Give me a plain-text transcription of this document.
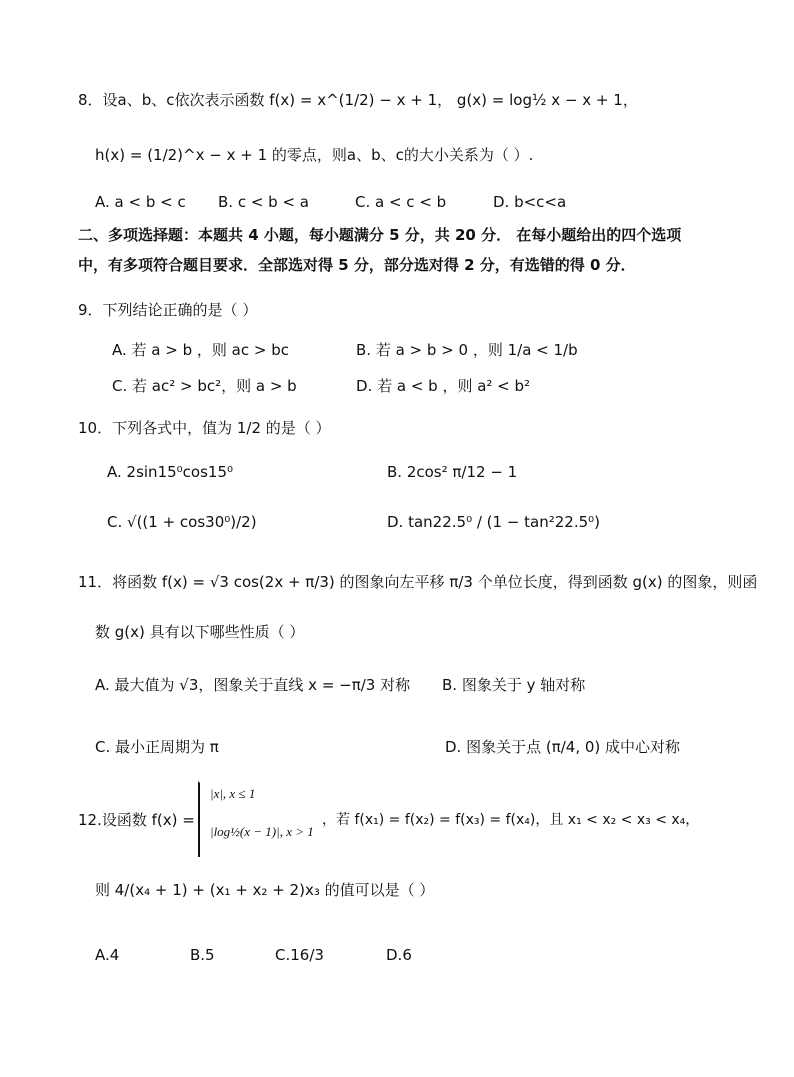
8．设a、b、c依次表示函数 f(x) = x^(1/2) − x + 1， g(x) = log½ x − x + 1，
h(x) = (1/2)^x − x + 1 的零点，则a、b、c的大小关系为（ ）.
A. a < b < c B. c < b < a	C. a < c < b	D. b<c<a
二、多项选择题：本题共 4 小题，每小题满分 5 分，共 20 分． 在每小题给出的四个选项
中，有多项符合题目要求．全部选对得 5 分，部分选对得 2 分，有选错的得 0 分．
9．下列结论正确的是（ ）
A. 若 a > b ，则 ac > bc	B. 若 a > b > 0 ，则 1/a < 1/b
C. 若 ac² > bc²，则 a > b	D. 若 a < b ，则 a² < b²
10．下列各式中，值为 1/2 的是（ ）
A. 2sin15⁰cos15⁰	B. 2cos² π/12 − 1
C. √((1 + cos30⁰)/2)	D. tan22.5⁰ / (1 − tan²22.5⁰)
11．将函数 f(x) = √3 cos(2x + π/3) 的图象向左平移 π/3 个单位长度，得到函数 g(x) 的图象，则函
数 g(x) 具有以下哪些性质（ ）
A. 最大值为 √3，图象关于直线 x = −π/3 对称 B. 图象关于 y 轴对称
C. 最小正周期为 π	D. 图象关于点 (π/4, 0) 成中心对称
12.设函数 f(x) =
|x|, x ≤ 1
|log½(x − 1)|, x > 1
，若 f(x₁) = f(x₂) = f(x₃) = f(x₄)，且 x₁ < x₂ < x₃ < x₄，
则 4/(x₄ + 1) + (x₁ + x₂ + 2)x₃ 的值可以是（ ）
A.4	B.5	C.16/3	D.6
